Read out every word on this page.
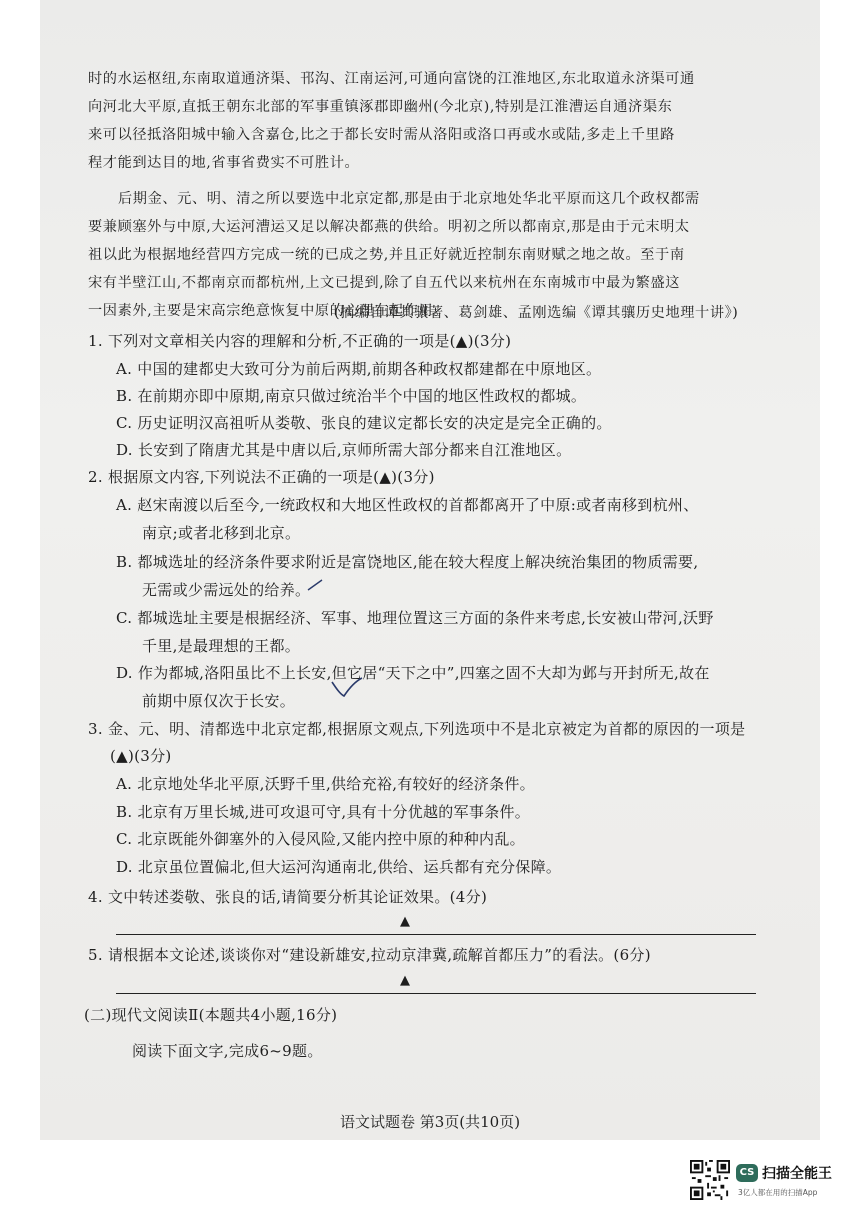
时的水运枢纽,东南取道通济渠、邗沟、江南运河,可通向富饶的江淮地区,东北取道永济渠可通
向河北大平原,直抵王朝东北部的军事重镇涿郡即幽州(今北京),特别是江淮漕运自通济渠东
来可以径抵洛阳城中输入含嘉仓,比之于都长安时需从洛阳或洛口再或水或陆,多走上千里路
程才能到达目的地,省事省费实不可胜计。
后期金、元、明、清之所以要选中北京定都,那是由于北京地处华北平原而这几个政权都需
要兼顾塞外与中原,大运河漕运又足以解决都燕的供给。明初之所以都南京,那是由于元末明太
祖以此为根据地经营四方完成一统的已成之势,并且正好就近控制东南财赋之地之故。至于南
宋有半壁江山,不都南京而都杭州,上文已提到,除了自五代以来杭州在东南城市中最为繁盛这
一因素外,主要是宋高宗绝意恢复中原的心理在起作用。
(摘编自谭其骧著、葛剑雄、孟刚选编《谭其骧历史地理十讲》)
1. 下列对文章相关内容的理解和分析,不正确的一项是(▲)(3分)
A. 中国的建都史大致可分为前后两期,前期各种政权都建都在中原地区。
B. 在前期亦即中原期,南京只做过统治半个中国的地区性政权的都城。
C. 历史证明汉高祖听从娄敬、张良的建议定都长安的决定是完全正确的。
D. 长安到了隋唐尤其是中唐以后,京师所需大部分都来自江淮地区。
2. 根据原文内容,下列说法不正确的一项是(▲)(3分)
A. 赵宋南渡以后至今,一统政权和大地区性政权的首都都离开了中原:或者南移到杭州、
南京;或者北移到北京。
B. 都城选址的经济条件要求附近是富饶地区,能在较大程度上解决统治集团的物质需要,
无需或少需远处的给养。
C. 都城选址主要是根据经济、军事、地理位置这三方面的条件来考虑,长安被山带河,沃野
千里,是最理想的王都。
D. 作为都城,洛阳虽比不上长安,但它居“天下之中”,四塞之固不大却为邺与开封所无,故在
前期中原仅次于长安。
3. 金、元、明、清都选中北京定都,根据原文观点,下列选项中不是北京被定为首都的原因的一项是
(▲)(3分)
A. 北京地处华北平原,沃野千里,供给充裕,有较好的经济条件。
B. 北京有万里长城,进可攻退可守,具有十分优越的军事条件。
C. 北京既能外御塞外的入侵风险,又能内控中原的种种内乱。
D. 北京虽位置偏北,但大运河沟通南北,供给、运兵都有充分保障。
4. 文中转述娄敬、张良的话,请简要分析其论证效果。(4分)
▲
5. 请根据本文论述,谈谈你对“建设新雄安,拉动京津冀,疏解首都压力”的看法。(6分)
▲
(二)现代文阅读Ⅱ(本题共4小题,16分)
阅读下面文字,完成6~9题。
语文试题卷 第3页(共10页)
CS 扫描全能王
3亿人都在用的扫描App
